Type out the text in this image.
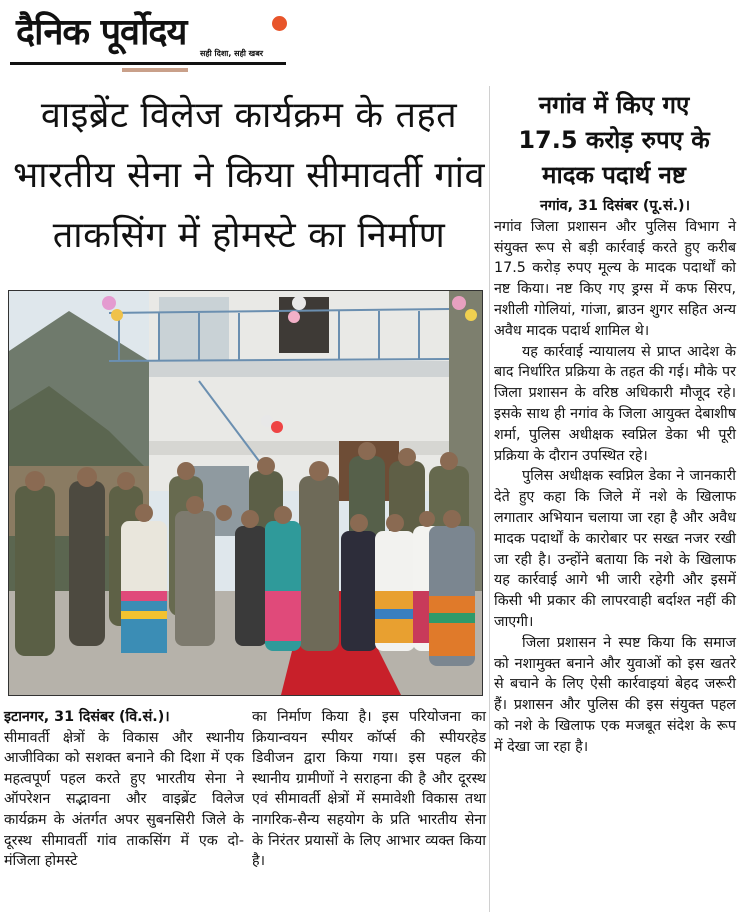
दैनिक पूर्वोदय
सही दिशा, सही खबर
वाइब्रेंट विलेज कार्यक्रम के तहत
भारतीय सेना ने किया सीमावर्ती गांव
ताकसिंग में होमस्टे का निर्माण
इटानगर, 31 दिसंबर (वि.सं.)।
सीमावर्ती क्षेत्रों के विकास और स्थानीय आजीविका को सशक्त बनाने की दिशा में एक महत्वपूर्ण पहल करते हुए भारतीय सेना ने ऑपरेशन सद्भावना और वाइब्रेंट विलेज कार्यक्रम के अंतर्गत अपर सुबनसिरी जिले के दूरस्थ सीमावर्ती गांव ताकसिंग में एक दो-मंजिला होमस्टे
का निर्माण किया है। इस परियोजना का क्रियान्वयन स्पीयर कॉर्प्स की स्पीयरहेड डिवीजन द्वारा किया गया। इस पहल की स्थानीय ग्रामीणों ने सराहना की है और दूरस्थ एवं सीमावर्ती क्षेत्रों में समावेशी विकास तथा नागरिक-सैन्य सहयोग के प्रति भारतीय सेना के निरंतर प्रयासों के लिए आभार व्यक्त किया है।
नगांव में किए गए
17.5 करोड़ रुपए के
मादक पदार्थ नष्ट

नगांव, 31 दिसंबर (पू.सं.)।

नगांव जिला प्रशासन और पुलिस विभाग ने संयुक्त रूप से बड़ी कार्रवाई करते हुए करीब 17.5 करोड़ रुपए मूल्य के मादक पदार्थों को नष्ट किया। नष्ट किए गए ड्रग्स में कफ सिरप, नशीली गोलियां, गांजा, ब्राउन शुगर सहित अन्य अवैध मादक पदार्थ शामिल थे।

यह कार्रवाई न्यायालय से प्राप्त आदेश के बाद निर्धारित प्रक्रिया के तहत की गई। मौके पर जिला प्रशासन के वरिष्ठ अधिकारी मौजूद रहे। इसके साथ ही नगांव के जिला आयुक्त देबाशीष शर्मा, पुलिस अधीक्षक स्वप्निल डेका भी पूरी प्रक्रिया के दौरान उपस्थित रहे।

पुलिस अधीक्षक स्वप्निल डेका ने जानकारी देते हुए कहा कि जिले में नशे के खिलाफ लगातार अभियान चलाया जा रहा है और अवैध मादक पदार्थों के कारोबार पर सख्त नजर रखी जा रही है। उन्होंने बताया कि नशे के खिलाफ यह कार्रवाई आगे भी जारी रहेगी और इसमें किसी भी प्रकार की लापरवाही बर्दाश्त नहीं की जाएगी।

जिला प्रशासन ने स्पष्ट किया कि समाज को नशामुक्त बनाने और युवाओं को इस खतरे से बचाने के लिए ऐसी कार्रवाइयां बेहद जरूरी हैं। प्रशासन और पुलिस की इस संयुक्त पहल को नशे के खिलाफ एक मजबूत संदेश के रूप में देखा जा रहा है।
